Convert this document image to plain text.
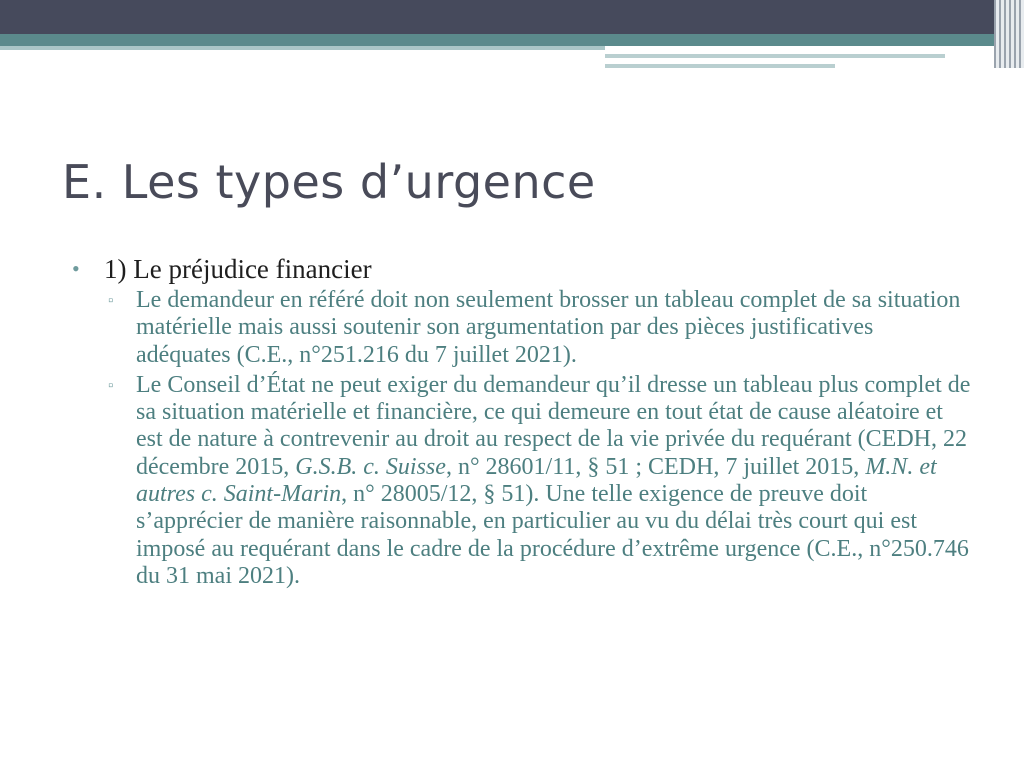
E. Les types d’urgence
• 1) Le préjudice financier
▫ Le demandeur en référé doit non seulement brosser un tableau complet de sa situation matérielle mais aussi soutenir son argumentation par des pièces justificatives adéquates (C.E., n°251.216 du 7 juillet 2021).
▫ Le Conseil d’État ne peut exiger du demandeur qu’il dresse un tableau plus complet de sa situation matérielle et financière, ce qui demeure en tout état de cause aléatoire et est de nature à contrevenir au droit au respect de la vie privée du requérant (CEDH, 22 décembre 2015, G.S.B. c. Suisse, n° 28601/11, § 51 ; CEDH, 7 juillet 2015, M.N. et autres c. Saint-Marin, n° 28005/12, § 51). Une telle exigence de preuve doit s’apprécier de manière raisonnable, en particulier au vu du délai très court qui est imposé au requérant dans le cadre de la procédure d’extrême urgence (C.E., n°250.746 du 31 mai 2021).
